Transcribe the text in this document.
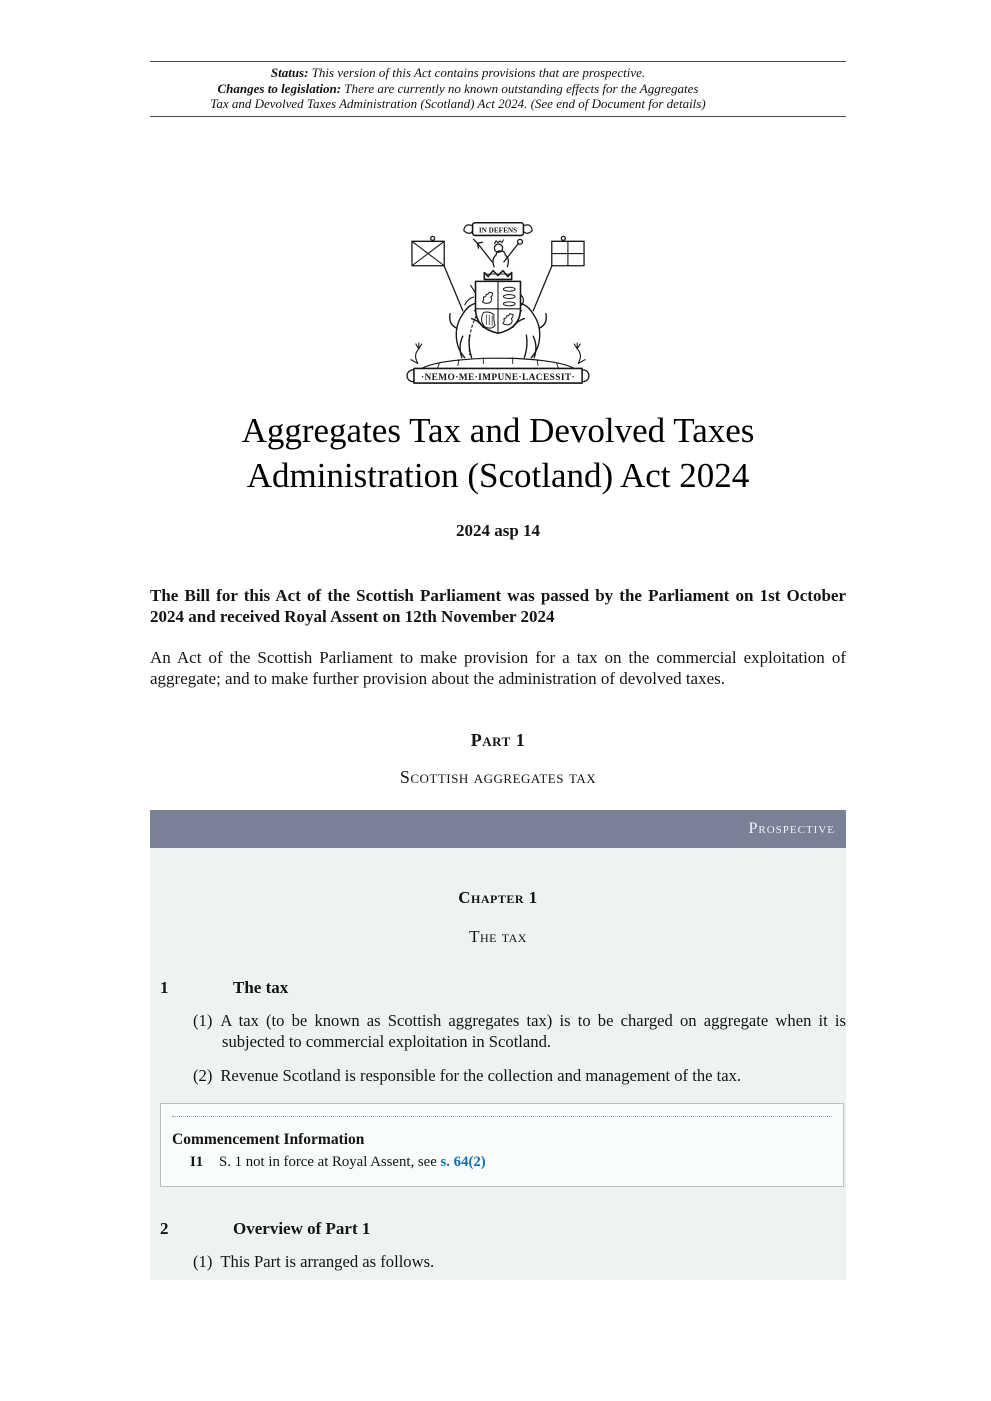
Status: This version of this Act contains provisions that are prospective.
Changes to legislation: There are currently no known outstanding effects for the Aggregates
Tax and Devolved Taxes Administration (Scotland) Act 2024. (See end of Document for details)
IN DEFENS
·NEMO·ME·IMPUNE·LACESSIT·
Aggregates Tax and Devolved Taxes
Administration (Scotland) Act 2024
2024 asp 14

The Bill for this Act of the Scottish Parliament was passed by the Parliament on 1st October 2024 and received Royal Assent on 12th November 2024

An Act of the Scottish Parliament to make provision for a tax on the commercial exploitation of aggregate; and to make further provision about the administration of devolved taxes.

Part 1
Scottish aggregates tax
Prospective
Chapter 1
The tax
1	The tax

(1) A tax (to be known as Scottish aggregates tax) is to be charged on aggregate when it is subjected to commercial exploitation in Scotland.

(2) Revenue Scotland is responsible for the collection and management of the tax.

Commencement Information
I1 S. 1 not in force at Royal Assent, see s. 64(2)
2	Overview of Part 1

(1) This Part is arranged as follows.
